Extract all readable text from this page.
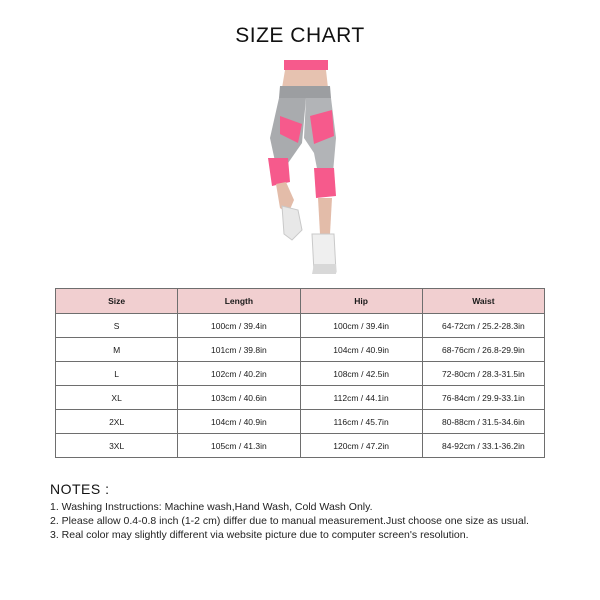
SIZE CHART
Size	Length	Hip	Waist
S	100cm / 39.4in	100cm / 39.4in	64-72cm / 25.2-28.3in
M	101cm / 39.8in	104cm / 40.9in	68-76cm / 26.8-29.9in
L	102cm / 40.2in	108cm / 42.5in	72-80cm / 28.3-31.5in
XL	103cm / 40.6in	112cm / 44.1in	76-84cm / 29.9-33.1in
2XL	104cm / 40.9in	116cm / 45.7in	80-88cm / 31.5-34.6in
3XL	105cm / 41.3in	120cm / 47.2in	84-92cm / 33.1-36.2in
NOTES :
1. Washing Instructions: Machine wash,Hand Wash, Cold Wash Only.
2. Please allow 0.4-0.8 inch (1-2 cm) differ due to manual measurement.Just choose one size as usual.
3. Real color may slightly different via website picture due to computer screen's resolution.
